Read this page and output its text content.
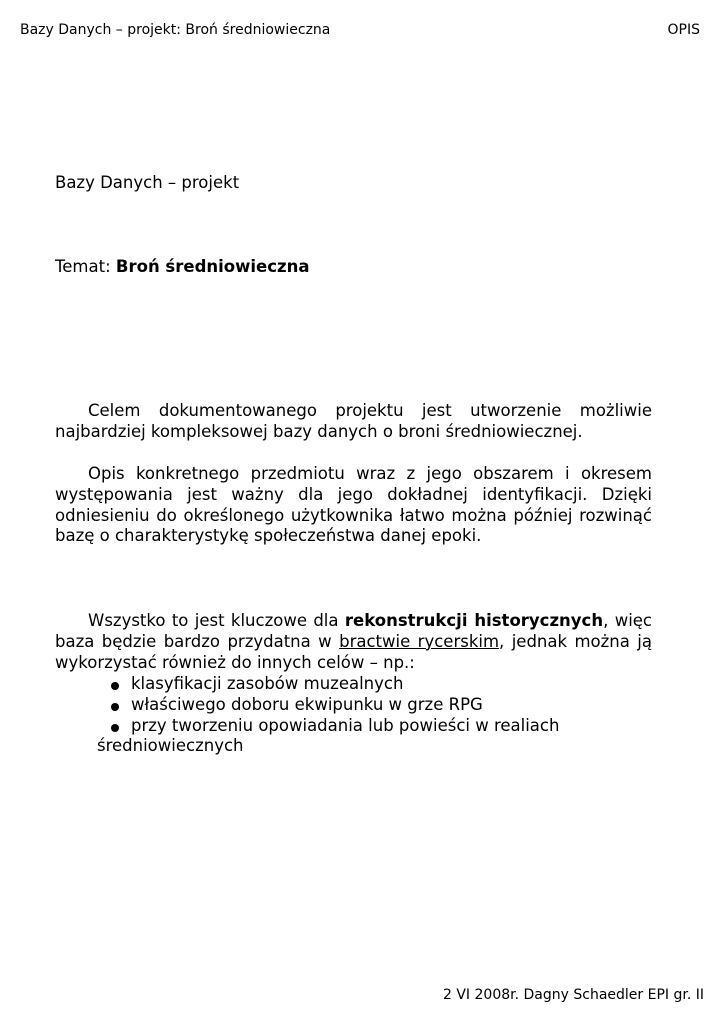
Bazy Danych – projekt: Broń średniowieczna	OPIS
Bazy Danych – projekt
Temat: Broń średniowieczna
Celem dokumentowanego projektu jest utworzenie możliwie najbardziej kompleksowej bazy danych o broni średniowiecznej.
Opis konkretnego przedmiotu wraz z jego obszarem i okresem występowania jest ważny dla jego dokładnej identyfikacji. Dzięki odniesieniu do określonego użytkownika łatwo można później rozwinąć bazę o charakterystykę społeczeństwa danej epoki.
Wszystko to jest kluczowe dla rekonstrukcji historycznych, więc baza będzie bardzo przydatna w bractwie rycerskim, jednak można ją wykorzystać również do innych celów – np.:
klasyfikacji zasobów muzealnych
właściwego doboru ekwipunku w grze RPG
przy tworzeniu opowiadania lub powieści w realiach
średniowiecznych
2 VI 2008r. Dagny Schaedler EPI gr. II
